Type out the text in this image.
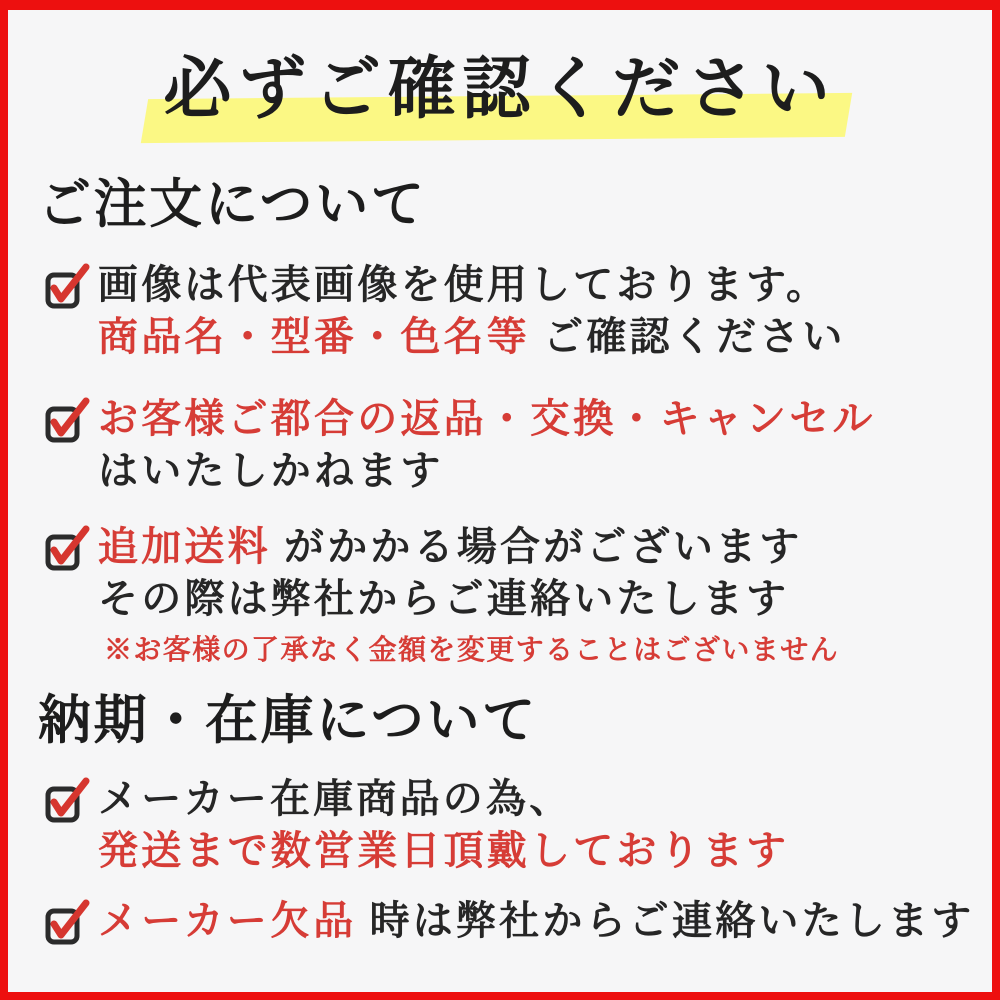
必ずご確認ください
ご注文について
画像は代表画像を使用しております。
商品名・型番・色名等 ご確認ください
お客様ご都合の返品・交換・キャンセル
はいたしかねます
追加送料 がかかる場合がございます
その際は弊社からご連絡いたします
※お客様の了承なく金額を変更することはございません
納期・在庫について
メーカー在庫商品の為、
発送まで数営業日頂戴しております
メーカー欠品 時は弊社からご連絡いたします
